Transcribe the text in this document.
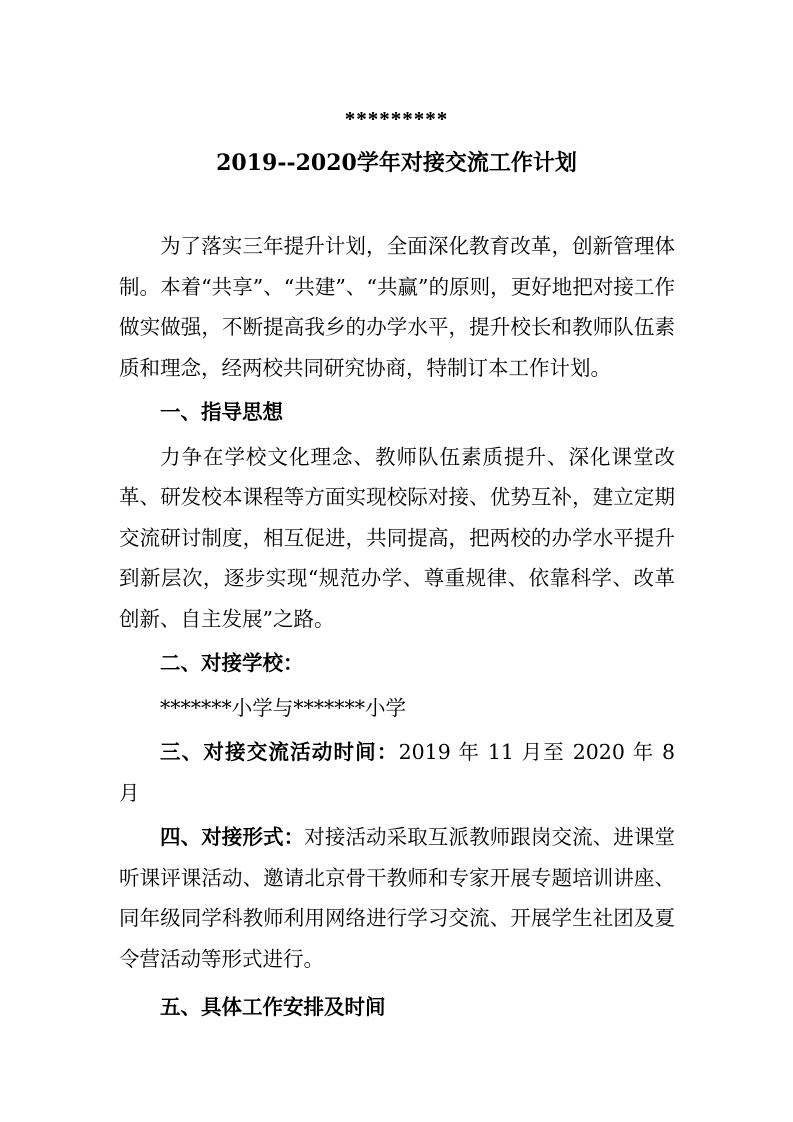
*********
2019--2020学年对接交流工作计划

为了落实三年提升计划，全面深化教育改革，创新管理体制。本着“共享”、“共建”、“共赢”的原则，更好地把对接工作做实做强，不断提高我乡的办学水平，提升校长和教师队伍素质和理念，经两校共同研究协商，特制订本工作计划。

一、指导思想

力争在学校文化理念、教师队伍素质提升、深化课堂改革、研发校本课程等方面实现校际对接、优势互补，建立定期交流研讨制度，相互促进，共同提高，把两校的办学水平提升到新层次，逐步实现“规范办学、尊重规律、依靠科学、改革创新、自主发展”之路。

二、对接学校：

*******小学与*******小学

三、对接交流活动时间：2019 年 11 月至 2020 年 8 月

四、对接形式：对接活动采取互派教师跟岗交流、进课堂听课评课活动、邀请北京骨干教师和专家开展专题培训讲座、同年级同学科教师利用网络进行学习交流、开展学生社团及夏令营活动等形式进行。

五、具体工作安排及时间
